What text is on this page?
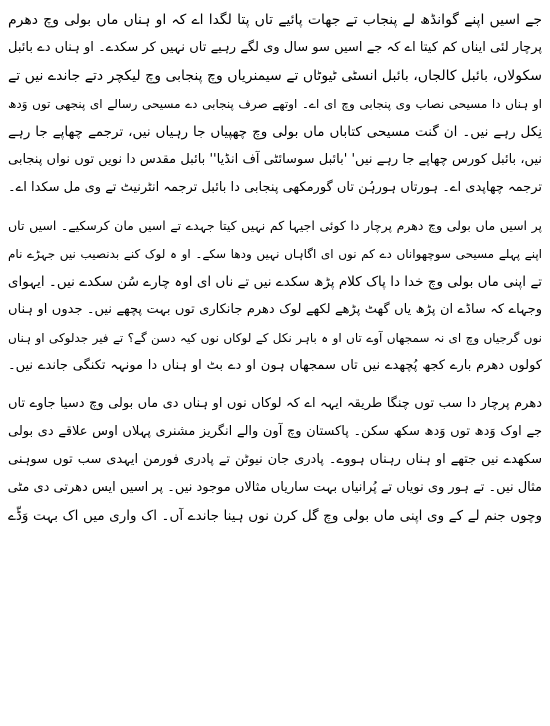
جے اسیں اپنے گوانڈھ لے پنجاب تے جھات پائیے تاں پتا لگدا اے کہ او ہناں ماں بولی وچ دھرم
پرچار لئی ایناں کم کیتا اے کہ جے اسیں سو سال وی لگے رہیے تاں نہیں کر سکدے۔ او ہناں دے بائبل
سکولاں، بائبل کالجاں، بائبل انسٹی ٹیوٹاں تے سیمنریاں وچ پنجابی وچ لیکچر دتے جاندے نیں تے
او ہناں دا مسیحی نصاب وی پنجابی وچ ای اے۔ اوتھے صرف پنجابی دے مسیحی رسالے ای پنجھی توں وَدھ
نِکل رہے نیں۔ ان گنت مسیحی کتاباں ماں بولی وچ چھپیاں جا رہیاں نیں، ترجمے چھاپے جا رہے
نیں، بائبل کورس چھاپے جا رہے نیں' 'بائبل سوسائٹی آف انڈیا'' بائبل مقدس دا نویں توں نواں پنجابی
ترجمہ چھاپدی اے۔ ہورتاں ہورہُن تاں گورمکھی پنجابی دا بائبل ترجمہ انٹرنیٹ تے وی مل سکدا اے۔
پر اسیں ماں بولی وچ دھرم پرچار دا کوئی اجیہا کم نہیں کیتا جہدے تے اسیں مان کرسکیے۔ اسیں تاں
اپنے پہلے مسیحی سوچھواناں دے کم نوں ای اگاہاں نہیں ودھا سکے۔ او ہ لوک کنے بدنصیب نیں جہڑے نام
تے اپنی ماں بولی وچ خدا دا پاک کلام پڑھ سکدے نیں تے ناں ای اوہ چارے سُن سکدے نیں۔ ایہوای
وجہاے کہ ساڈے ان پڑھ یاں گھٹ پڑھے لکھے لوک دھرم جانکاری توں بہت پچھے نیں۔ جدوں او ہناں
نوں گرجیاں وچ ای نہ سمجھاں آوے تاں او ہ باہر نکل کے لوکاں نوں کیہ دسن گے؟ تے فیر جدلوکی او ہناں
کولوں دھرم بارے کجھ پُچھدے نیں تاں سمجھاں ہون او دے بٹ او ہناں دا مونہہ تکنگی جاندے نیں۔
دھرم پرچار دا سب توں چنگا طریقہ ایہہ اے کہ لوکاں نوں او ہناں دی ماں بولی وچ دسیا جاوے تاں
جے اوک وَدھ توں وَدھ سکھ سکن۔ پاکستان وچ آون والے انگریز مشنری پہلاں اوس علاقے دی بولی
سکھدے نیں جتھے او ہناں رہناں ہووے۔ پادری جان نیوٹن تے پادری فورمن ایہدی سب توں سوہنی
مثال نیں۔ تے ہور وی نویاں تے پُرانیاں بہت ساریاں مثالاں موجود نیں۔ پر اسیں ایس دھرتی دی مٹی
وچوں جنم لے کے وی اپنی ماں بولی وچ گل کرن نوں ہینا جاندے آں۔ اک واری میں اک بہت وَڈّے
